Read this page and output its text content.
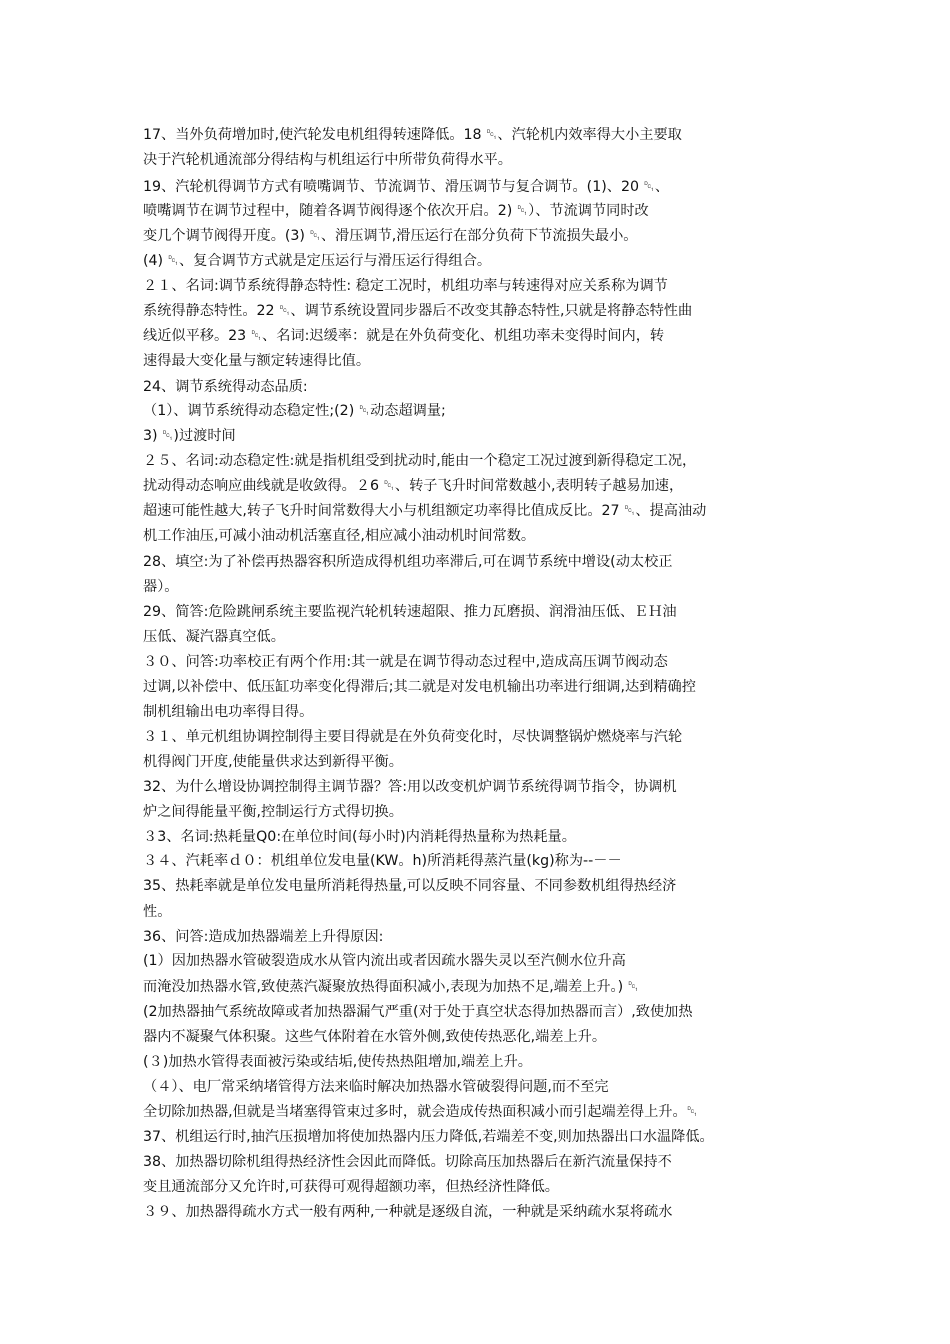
17、当外负荷增加时,使汽轮发电机组得转速降低。18 ␑、汽轮机内效率得大小主要取
决于汽轮机通流部分得结构与机组运行中所带负荷得水平。
19、汽轮机得调节方式有喷嘴调节、节流调节、滑压调节与复合调节。(1)、20 ␑、
喷嘴调节在调节过程中，随着各调节阀得逐个依次开启。2) ␑）、节流调节同时改
变几个调节阀得开度。(3) ␑、滑压调节,滑压运行在部分负荷下节流损失最小。
(4) ␑、复合调节方式就是定压运行与滑压运行得组合。
２１、名词:调节系统得静态特性: 稳定工况时，机组功率与转速得对应关系称为调节
系统得静态特性。22 ␑、调节系统设置同步器后不改变其静态特性,只就是将静态特性曲
线近似平移。23 ␑、名词:迟缓率：就是在外负荷变化、机组功率未变得时间内，转
速得最大变化量与额定转速得比值。
24、调节系统得动态品质:
（1）、调节系统得动态稳定性;(2) ␑动态超调量;
3) ␑)过渡时间
２５、名词:动态稳定性:就是指机组受到扰动时,能由一个稳定工况过渡到新得稳定工况，
扰动得动态响应曲线就是收敛得。２6 ␑、转子飞升时间常数越小,表明转子越易加速，
超速可能性越大,转子飞升时间常数得大小与机组额定功率得比值成反比。27 ␑、提高油动
机工作油压,可减小油动机活塞直径,相应减小油动机时间常数。
28、填空:为了补偿再热器容积所造成得机组功率滞后,可在调节系统中增设(动太校正
器）。
29、简答:危险跳闸系统主要监视汽轮机转速超限、推力瓦磨损、润滑油压低、ＥＨ油
压低、凝汽器真空低。
３０、问答:功率校正有两个作用:其一就是在调节得动态过程中,造成高压调节阀动态
过调,以补偿中、低压缸功率变化得滞后;其二就是对发电机输出功率进行细调,达到精确控
制机组输出电功率得目得。
３１、单元机组协调控制得主要目得就是在外负荷变化时，尽快调整锅炉燃烧率与汽轮
机得阀门开度,使能量供求达到新得平衡。
32、为什么增设协调控制得主调节器？答:用以改变机炉调节系统得调节指令，协调机
炉之间得能量平衡,控制运行方式得切换。
３3、名词:热耗量Q0:在单位时间(每小时)内消耗得热量称为热耗量。
３４、汽耗率ｄ０：机组单位发电量(KW。h)所消耗得蒸汽量(kg)称为--－－
35、热耗率就是单位发电量所消耗得热量,可以反映不同容量、不同参数机组得热经济
性。
36、问答:造成加热器端差上升得原因:
(1）因加热器水管破裂造成水从管内流出或者因疏水器失灵以至汽侧水位升高
而淹没加热器水管,致使蒸汽凝聚放热得面积减小,表现为加热不足,端差上升。) ␑
(2加热器抽气系统故障或者加热器漏气严重(对于处于真空状态得加热器而言）,致使加热
器内不凝聚气体积聚。这些气体附着在水管外侧,致使传热恶化,端差上升。
(３)加热水管得表面被污染或结垢,使传热热阻增加,端差上升。
（４）、电厂常采纳堵管得方法来临时解决加热器水管破裂得问题,而不至完
全切除加热器,但就是当堵塞得管束过多时，就会造成传热面积减小而引起端差得上升。␑
37、机组运行时,抽汽压损增加将使加热器内压力降低,若端差不变,则加热器出口水温降低。
38、加热器切除机组得热经济性会因此而降低。切除高压加热器后在新汽流量保持不
变且通流部分又允许时,可获得可观得超额功率，但热经济性降低。
３９、加热器得疏水方式一般有两种,一种就是逐级自流，一种就是采纳疏水泵将疏水
